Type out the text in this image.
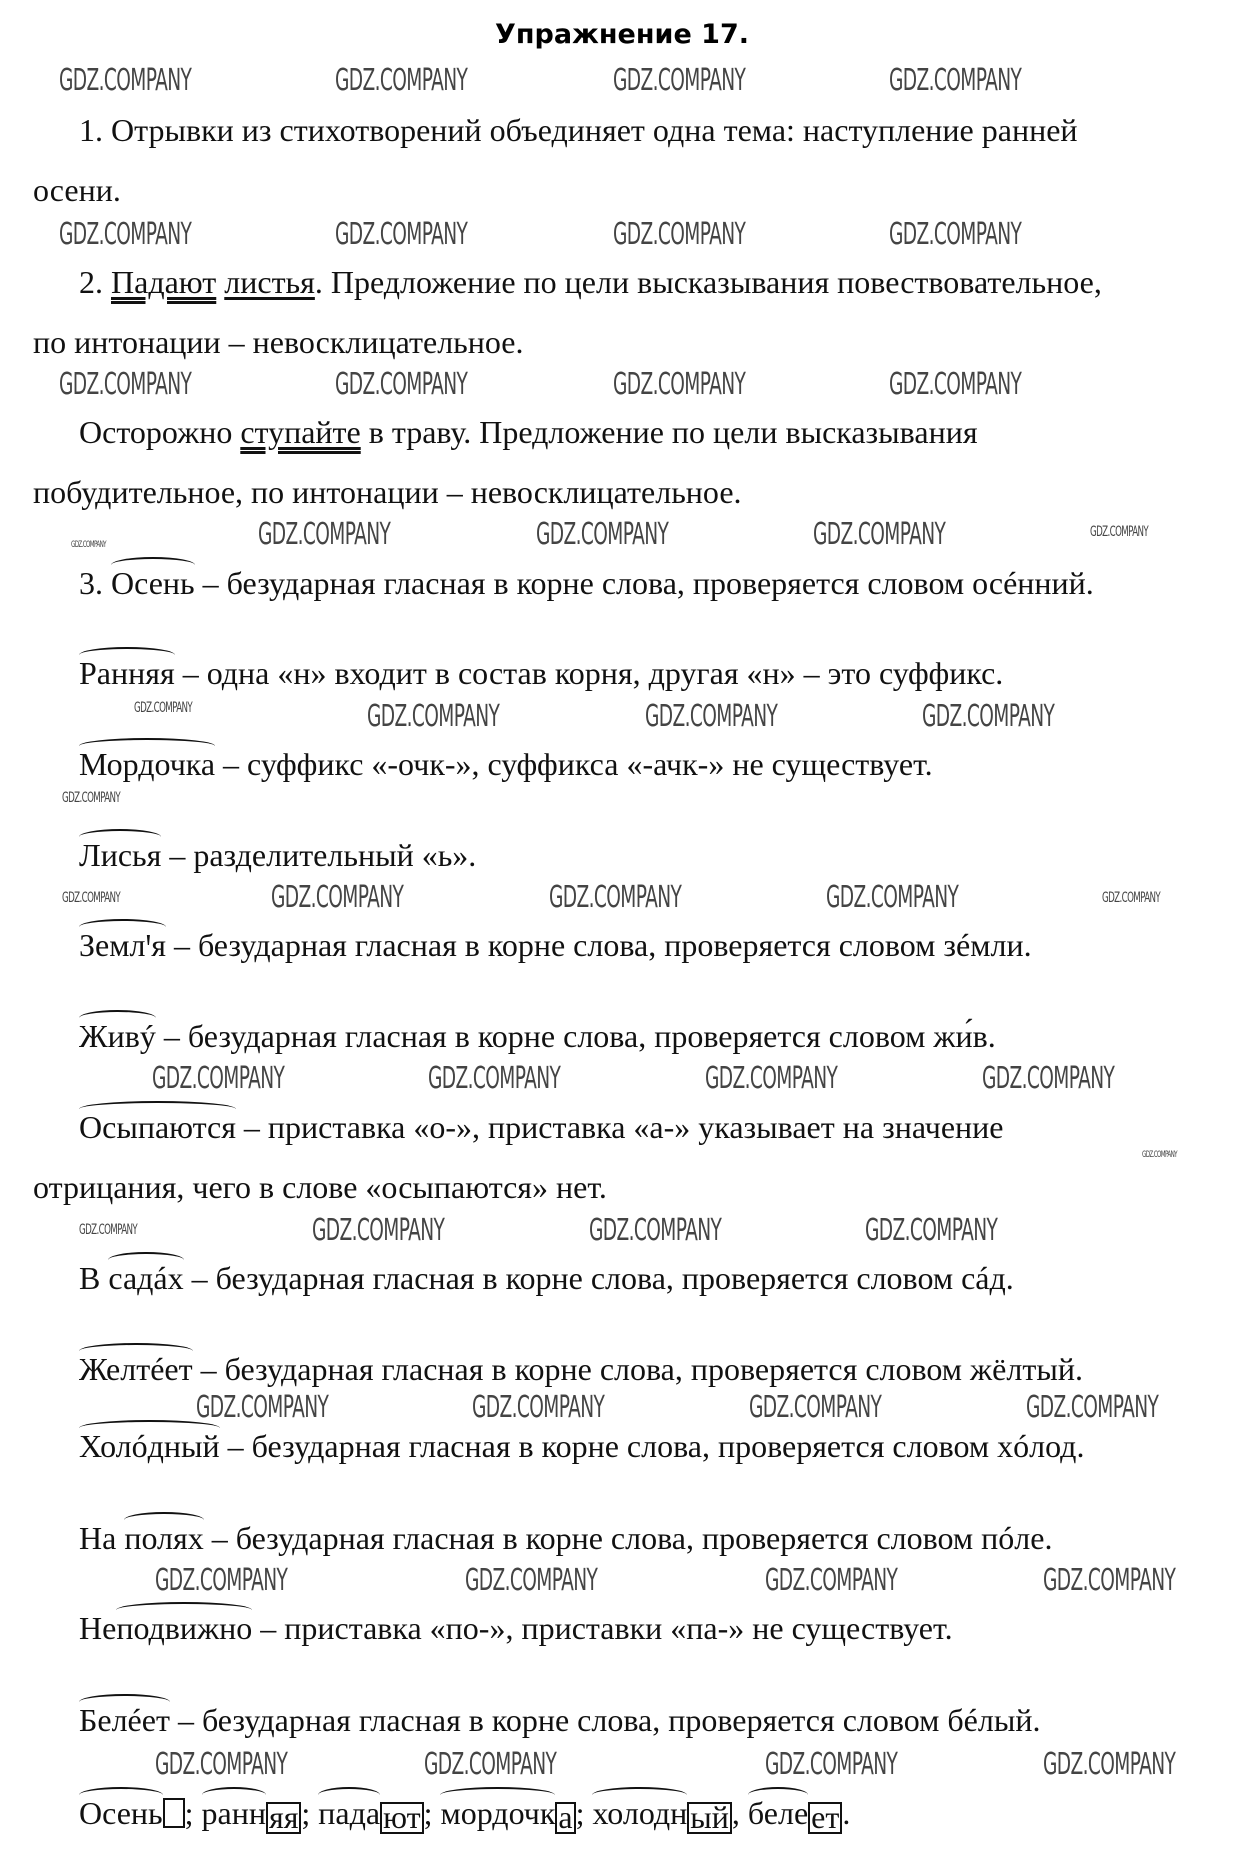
Упражнение 17.
1. Отрывки из стихотворений объединяет одна тема: наступление ранней
осени.
2. Падают листья. Предложение по цели высказывания повествовательное,
по интонации – невосклицательное.
Осторожно ступайте в траву. Предложение по цели высказывания
побудительное, по интонации – невосклицательное.
3. Осень – безударная гласная в корне слова, проверяется словом осéнний.
Ранняя – одна «н» входит в состав корня, другая «н» – это суффикс.
Мордочка – суффикс «-очк-», суффикса «-ачк-» не существует.
Лисья – разделительный «ь».
Землꞌя – безударная гласная в корне слова, проверяется словом зéмли.
Живý – безударная гласная в корне слова, проверяется словом жи́в.
Осыпаются – приставка «о-», приставка «а-» указывает на значение
отрицания, чего в слове «осыпаются» нет.
В садáх – безударная гласная в корне слова, проверяется словом сáд.
Желтéет – безударная гласная в корне слова, проверяется словом жёлтый.
Холóдный – безударная гласная в корне слова, проверяется словом хóлод.
На полях – безударная гласная в корне слова, проверяется словом пóле.
Неподвижно – приставка «по-», приставки «па-» не существует.
Белéет – безударная гласная в корне слова, проверяется словом бéлый.
Осень ; ранняя; падают; мордочка; холодный, белеет.
GDZ.COMPANY	GDZ.COMPANY	GDZ.COMPANY	GDZ.COMPANY
GDZ.COMPANY	GDZ.COMPANY	GDZ.COMPANY	GDZ.COMPANY
GDZ.COMPANY	GDZ.COMPANY	GDZ.COMPANY	GDZ.COMPANY
GDZ.COMPANY	GDZ.COMPANY	GDZ.COMPANY	GDZ.COMPANY
GDZ.COMPANY
GDZ.COMPANY	GDZ.COMPANY	GDZ.COMPANY	GDZ.COMPANY
GDZ.COMPANY
GDZ.COMPANY
GDZ.COMPANY	GDZ.COMPANY	GDZ.COMPANY	GDZ.COMPANY
GDZ.COMPANY	GDZ.COMPANY	GDZ.COMPANY	GDZ.COMPANY
GDZ.COMPANY
GDZ.COMPANY	GDZ.COMPANY	GDZ.COMPANY	GDZ.COMPANY
GDZ.COMPANY	GDZ.COMPANY	GDZ.COMPANY	GDZ.COMPANY
GDZ.COMPANY	GDZ.COMPANY	GDZ.COMPANY	GDZ.COMPANY
GDZ.COMPANY	GDZ.COMPANY	GDZ.COMPANY	GDZ.COMPANY
